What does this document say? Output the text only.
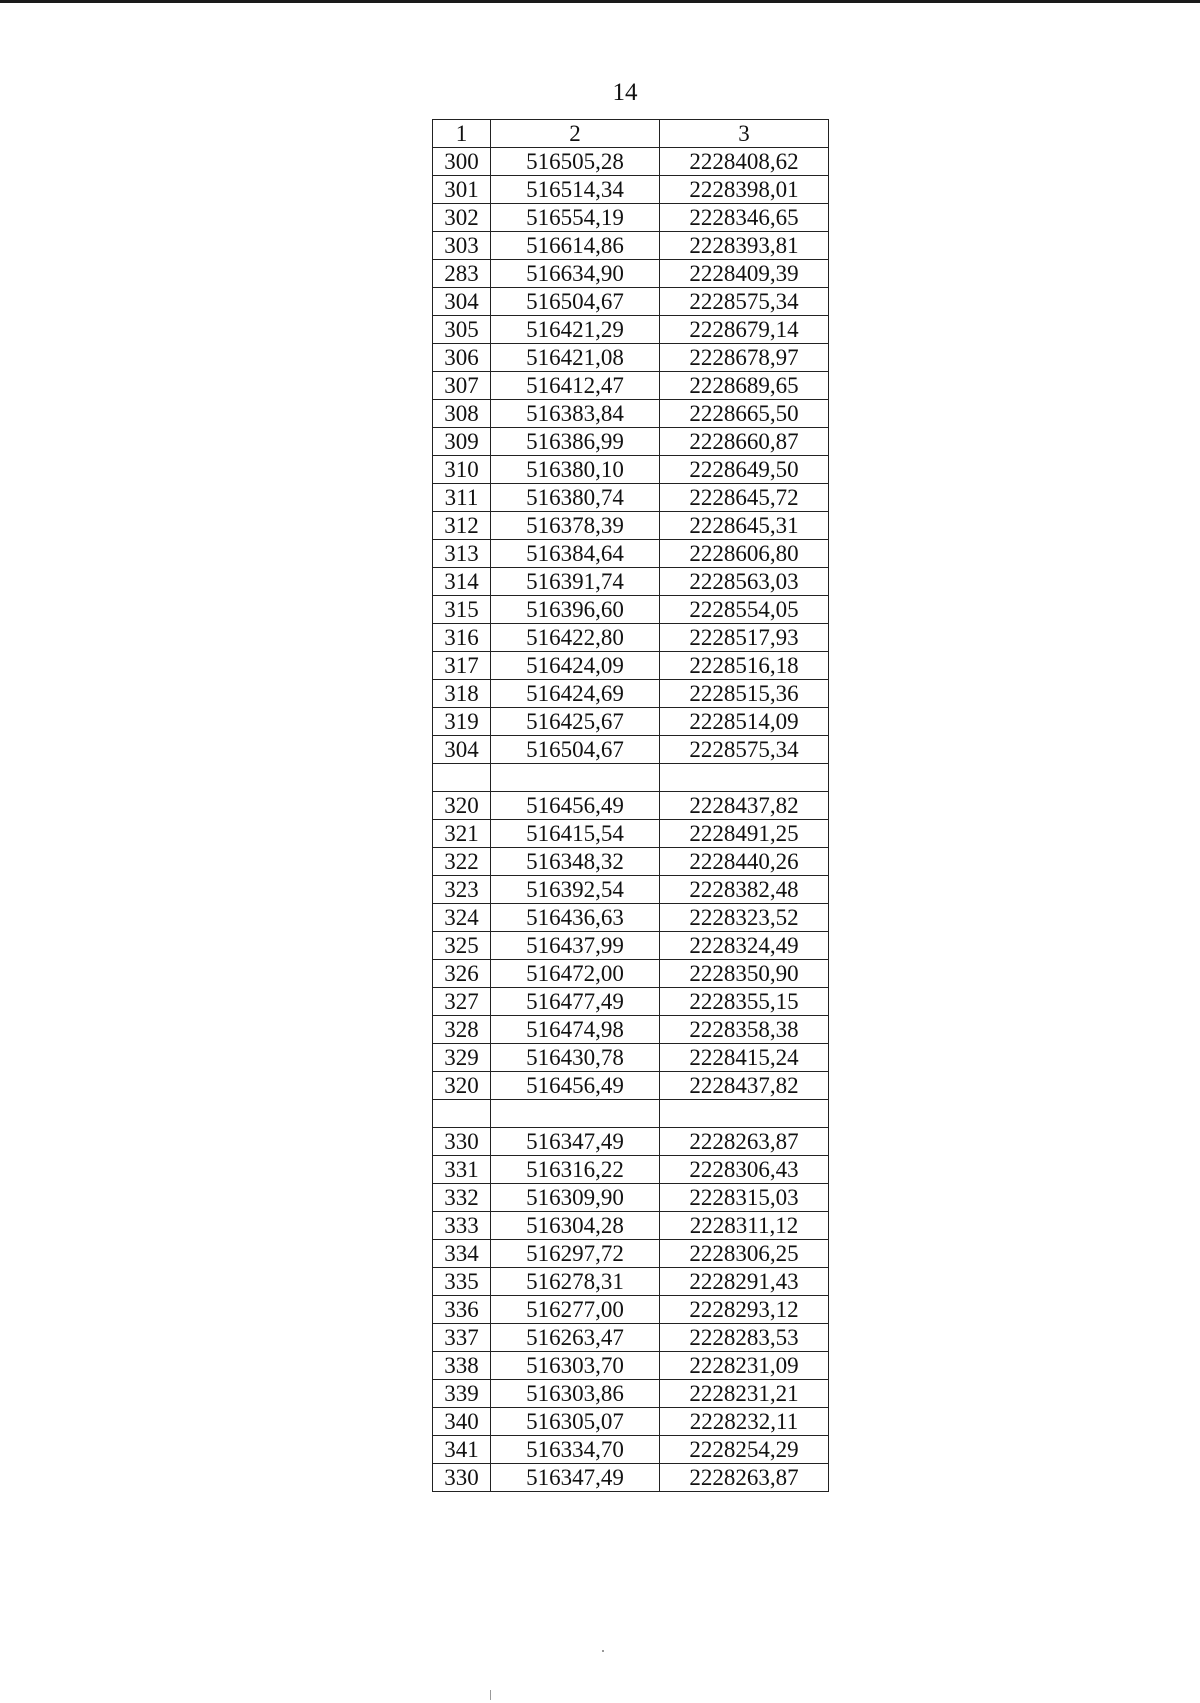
14
1	2	3
300	516505,28	2228408,62
301	516514,34	2228398,01
302	516554,19	2228346,65
303	516614,86	2228393,81
283	516634,90	2228409,39
304	516504,67	2228575,34
305	516421,29	2228679,14
306	516421,08	2228678,97
307	516412,47	2228689,65
308	516383,84	2228665,50
309	516386,99	2228660,87
310	516380,10	2228649,50
311	516380,74	2228645,72
312	516378,39	2228645,31
313	516384,64	2228606,80
314	516391,74	2228563,03
315	516396,60	2228554,05
316	516422,80	2228517,93
317	516424,09	2228516,18
318	516424,69	2228515,36
319	516425,67	2228514,09
304	516504,67	2228575,34

320	516456,49	2228437,82
321	516415,54	2228491,25
322	516348,32	2228440,26
323	516392,54	2228382,48
324	516436,63	2228323,52
325	516437,99	2228324,49
326	516472,00	2228350,90
327	516477,49	2228355,15
328	516474,98	2228358,38
329	516430,78	2228415,24
320	516456,49	2228437,82

330	516347,49	2228263,87
331	516316,22	2228306,43
332	516309,90	2228315,03
333	516304,28	2228311,12
334	516297,72	2228306,25
335	516278,31	2228291,43
336	516277,00	2228293,12
337	516263,47	2228283,53
338	516303,70	2228231,09
339	516303,86	2228231,21
340	516305,07	2228232,11
341	516334,70	2228254,29
330	516347,49	2228263,87
